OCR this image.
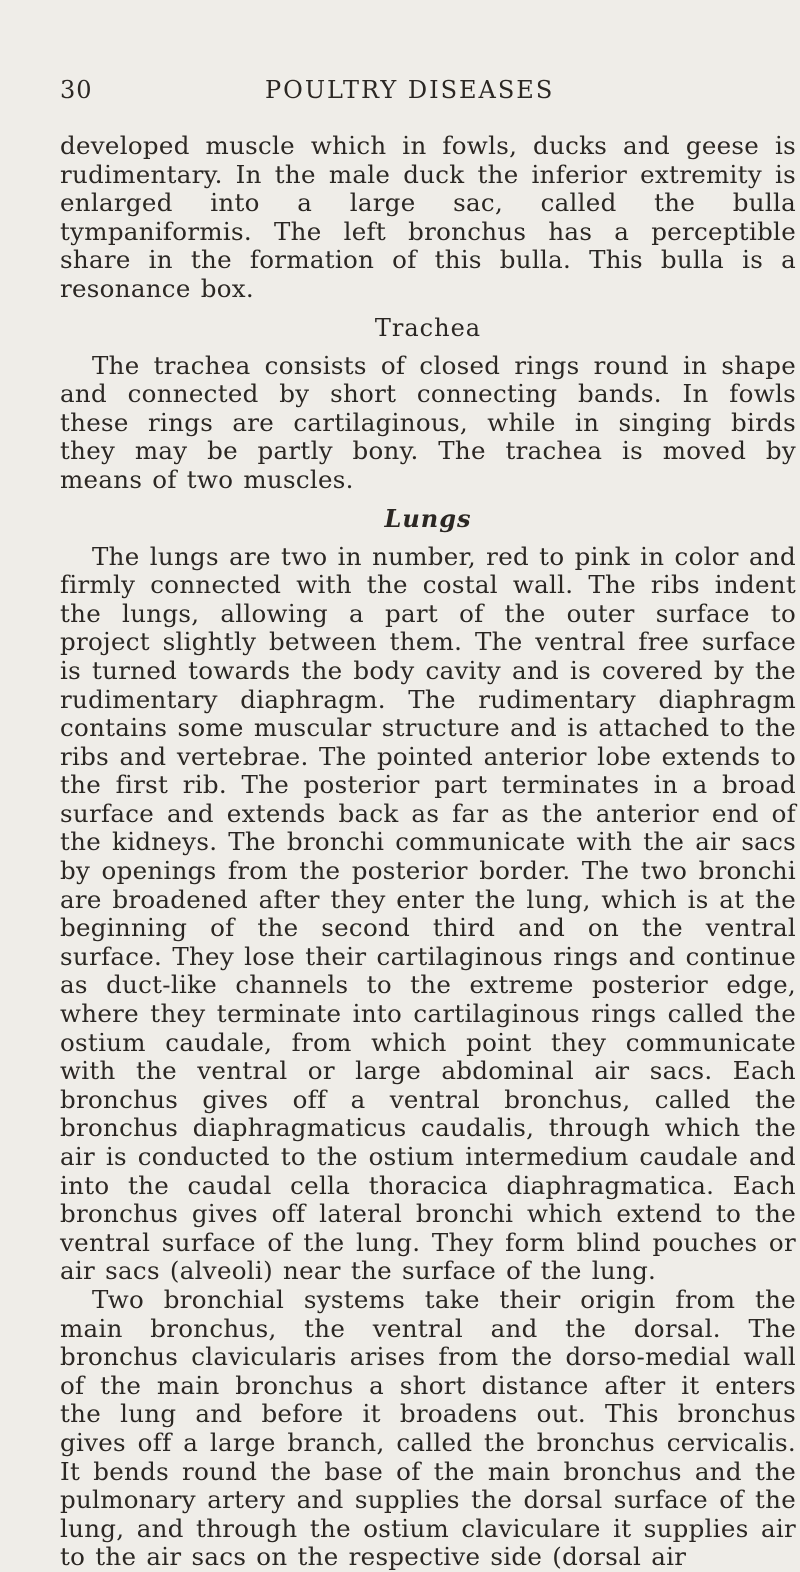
30	POULTRY DISEASES

developed muscle which in fowls, ducks and geese is rudimentary. In the male duck the inferior extremity is enlarged into a large sac, called the bulla tympaniformis. The left bronchus has a perceptible share in the formation of this bulla. This bulla is a resonance box.

Trachea

The trachea consists of closed rings round in shape and connected by short connecting bands. In fowls these rings are cartilaginous, while in singing birds they may be partly bony. The trachea is moved by means of two muscles.

Lungs

The lungs are two in number, red to pink in color and firmly connected with the costal wall. The ribs indent the lungs, allowing a part of the outer surface to project slightly between them. The ventral free surface is turned towards the body cavity and is covered by the rudimentary diaphragm. The rudimentary diaphragm contains some muscular structure and is attached to the ribs and vertebrae. The pointed anterior lobe extends to the first rib. The posterior part terminates in a broad surface and extends back as far as the anterior end of the kidneys. The bronchi communicate with the air sacs by openings from the posterior border. The two bronchi are broadened after they enter the lung, which is at the beginning of the second third and on the ventral surface. They lose their cartilaginous rings and continue as duct-like channels to the extreme posterior edge, where they terminate into cartilaginous rings called the ostium caudale, from which point they communicate with the ventral or large abdominal air sacs. Each bronchus gives off a ventral bronchus, called the bronchus diaphragmaticus caudalis, through which the air is conducted to the ostium intermedium caudale and into the caudal cella thoracica diaphragmatica. Each bronchus gives off lateral bronchi which extend to the ventral surface of the lung. They form blind pouches or air sacs (alveoli) near the surface of the lung.

Two bronchial systems take their origin from the main bronchus, the ventral and the dorsal. The bronchus clavicularis arises from the dorso-medial wall of the main bronchus a short distance after it enters the lung and before it broadens out. This bronchus gives off a large branch, called the bronchus cervicalis. It bends round the base of the main bronchus and the pulmonary artery and supplies the dorsal surface of the lung, and through the ostium claviculare it supplies air to the air sacs on the respective side (dorsal air
